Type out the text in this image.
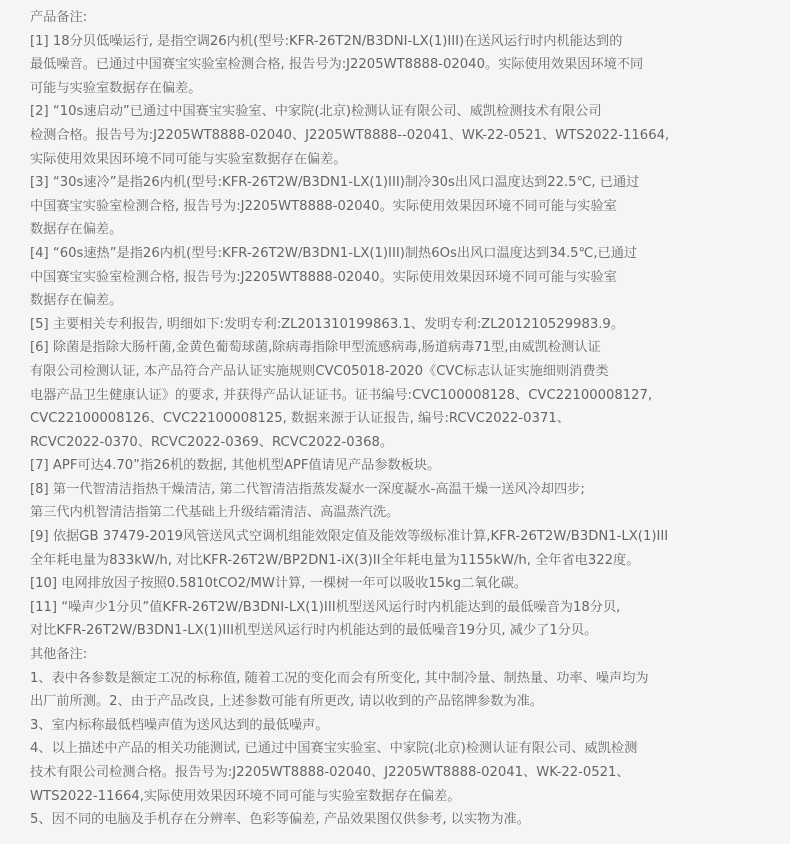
产品备注:
[1] 18分贝低噪运行, 是指空调26内机(型号:KFR-26T2N/B3DNI-LX(1)III)在送风运行时内机能达到的
最低噪音。已通过中国赛宝实验室检测合格, 报告号为:J2205WT8888-02040。实际使用效果因环境不同
可能与实验室数据存在偏差。
[2] “10s速启动”已通过中国赛宝实验室、中家院(北京)检测认证有限公司、威凯检测技术有限公司
检测合格。报告号为:J2205WT8888-02040、J2205WT8888--02041、WK-22-0521、WTS2022-11664,
实际使用效果因环境不同可能与实验室数据存在偏差。
[3] “30s速冷”是指26内机(型号:KFR-26T2W/B3DN1-LX(1)III)制冷30s出风口温度达到22.5℃, 已通过
中国赛宝实验室检测合格, 报告号为:J2205WT8888-02040。实际使用效果因环境不同可能与实验室
数据存在偏差。
[4] “60s速热”是指26内机(型号:KFR-26T2W/B3DN1-LX(1)III)制热6Os出风口温度达到34.5℃,已通过
中国赛宝实验室检测合格, 报告号为:J2205WT8888-02040。实际使用效果因环境不同可能与实验室
数据存在偏差。
[5] 主要相关专利报告, 明细如下:发明专利:ZL201310199863.1、发明专利:ZL201210529983.9。
[6] 除菌是指除大肠杆菌,金黄色葡萄球菌,除病毒指除甲型流感病毒,肠道病毒71型,由威凯检测认证
有限公司检测认证, 本产品符合产品认证实施规则CVC05018-2020《CVC标志认证实施细则消费类
电器产品卫生健康认证》的要求, 并获得产品认证证书。证书编号:CVC100008128、CVC22100008127,
CVC22100008126、CVC22100008125, 数据来源于认证报告, 编号:RCVC2022-0371、
RCVC2022-0370、RCVC2022-0369、RCVC2022-0368。
[7] APF可达4.70”指26机的数据, 其他机型APF值请见产品参数板块。
[8] 第一代智清洁指热干燥清洁, 第二代智清洁指蒸发凝水一深度凝水-高温干燥一送风冷却四步;
第三代内机智清洁指第二代基础上升级结霜清洁、高温蒸汽洗。
[9] 依据GB 37479-2019风管送风式空调机组能效限定值及能效等级标准计算,KFR-26T2W/B3DN1-LX(1)III
全年耗电量为833kW/h, 对比KFR-26T2W/BP2DN1-iX(3)II全年耗电量为1155kW/h, 全年省电322度。
[10] 电网排放因子按照0.5810tCO2/MW计算, 一棵树一年可以吸收15kg二氧化碳。
[11] “噪声少1分贝”值KFR-26T2W/B3DNI-LX(1)III机型送风运行时内机能达到的最低噪音为18分贝,
对比KFR-26T2W/B3DN1-LX(1)III机型送风运行时内机能达到的最低噪音19分贝, 减少了1分贝。
其他备注:
1、表中各参数是额定工况的标称值, 随着工况的变化而会有所变化, 其中制冷量、制热量、功率、噪声均为
出厂前所测。2、由于产品改良, 上述参数可能有所更改, 请以收到的产品铭牌参数为准。
3、室内标称最低档噪声值为送风达到的最低噪声。
4、以上描述中产品的相关功能测试, 已通过中国赛宝实验室、中家院(北京)检测认证有限公司、威凯检测
技术有限公司检测合格。报告号为:J2205WT8888-02040、J2205WT8888-02041、WK-22-0521、
WTS2022-11664,实际使用效果因环境不同可能与实验室数据存在偏差。
5、因不同的电脑及手机存在分辨率、色彩等偏差, 产品效果图仅供参考, 以实物为准。
